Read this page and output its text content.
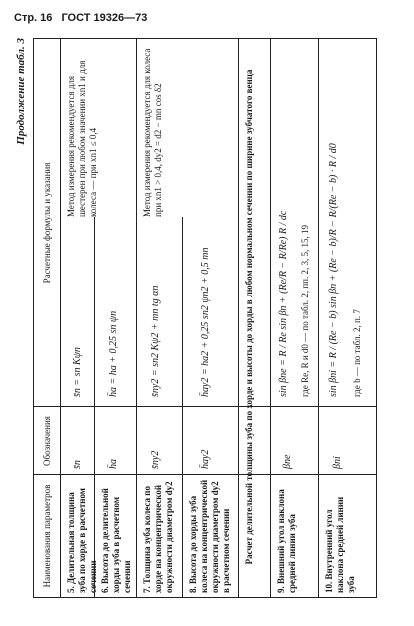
Стр. 16 ГОСТ 19326—73
Продолжение табл. 3
Наименования параметров
Обозначения
Расчетные формулы и указания
5. Делительная толщина зуба по хорде в расчетном сечении
s̄n
s̄n = sn Kψn
Метод измерения рекомендуется для шестерен при любом значении xn1 и для колеса — при xn1 ≤ 0,4
6. Высота до делительной хорды зуба в расчетном сечении
h̄a
h̄a = ha + 0,25 sn ψn
7. Толщина зуба колеса по хорде на концентрической окружности диаметром dy2
s̄ny2
s̄ny2 = sn2 Kψ2 + mn tg αn
Метод измерения рекомендуется для колеса при xn1 > 0,4, dy2 = d2 − mn cos δ2
8. Высота до хорды зуба колеса на концентрической окружности диаметром dy2 в расчетном сечении
h̄ay2
h̄ay2 = ha2 + 0,25 sn2 ψn2 + 0,5 mn	Расчет делительной толщины зуба по хорде и высоты до хорды в любом нормальном сечении по ширине зубчатого венца 9. Внешний угол наклона средней линии зуба
βne
sin βne = R / Re sin βn + (Re/R − R/Re) R / dc где Re, R и d0 — по табл. 2, пп. 2, 3, 5, 15, 19
10. Внутренний угол наклона средней линии зуба
βni
sin βni = R / (Re − b) sin βn + (Re − b)/R − R/(Re − b) · R / d0 где b — по табл. 2, п. 7
